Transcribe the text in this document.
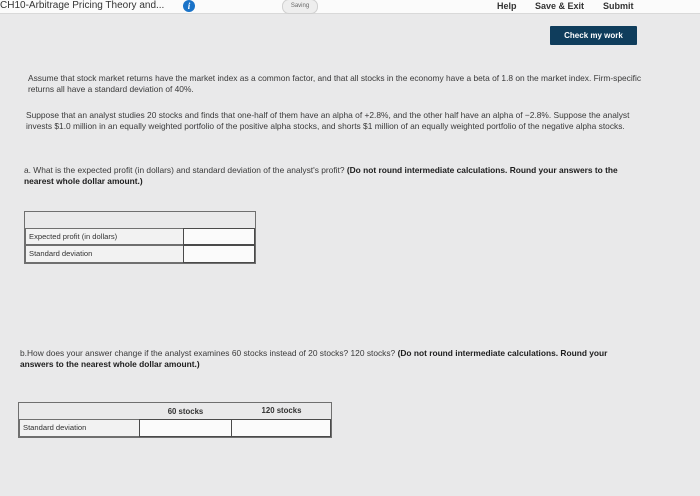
CH10-Arbitrage Pricing Theory and...	i	Saving	Help Save & Exit Submit
Check my work
Assume that stock market returns have the market index as a common factor, and that all stocks in the economy have a beta of 1.8 on the market index. Firm-specific returns all have a standard deviation of 40%.
Suppose that an analyst studies 20 stocks and finds that one-half of them have an alpha of +2.8%, and the other half have an alpha of −2.8%. Suppose the analyst invests $1.0 million in an equally weighted portfolio of the positive alpha stocks, and shorts $1 million of an equally weighted portfolio of the negative alpha stocks.
a. What is the expected profit (in dollars) and standard deviation of the analyst's profit? (Do not round intermediate calculations. Round your answers to the nearest whole dollar amount.)
Expected profit (in dollars)
Standard deviation
b.How does your answer change if the analyst examines 60 stocks instead of 20 stocks? 120 stocks? (Do not round intermediate calculations. Round your answers to the nearest whole dollar amount.)
60 stocks	120 stocks
Standard deviation
